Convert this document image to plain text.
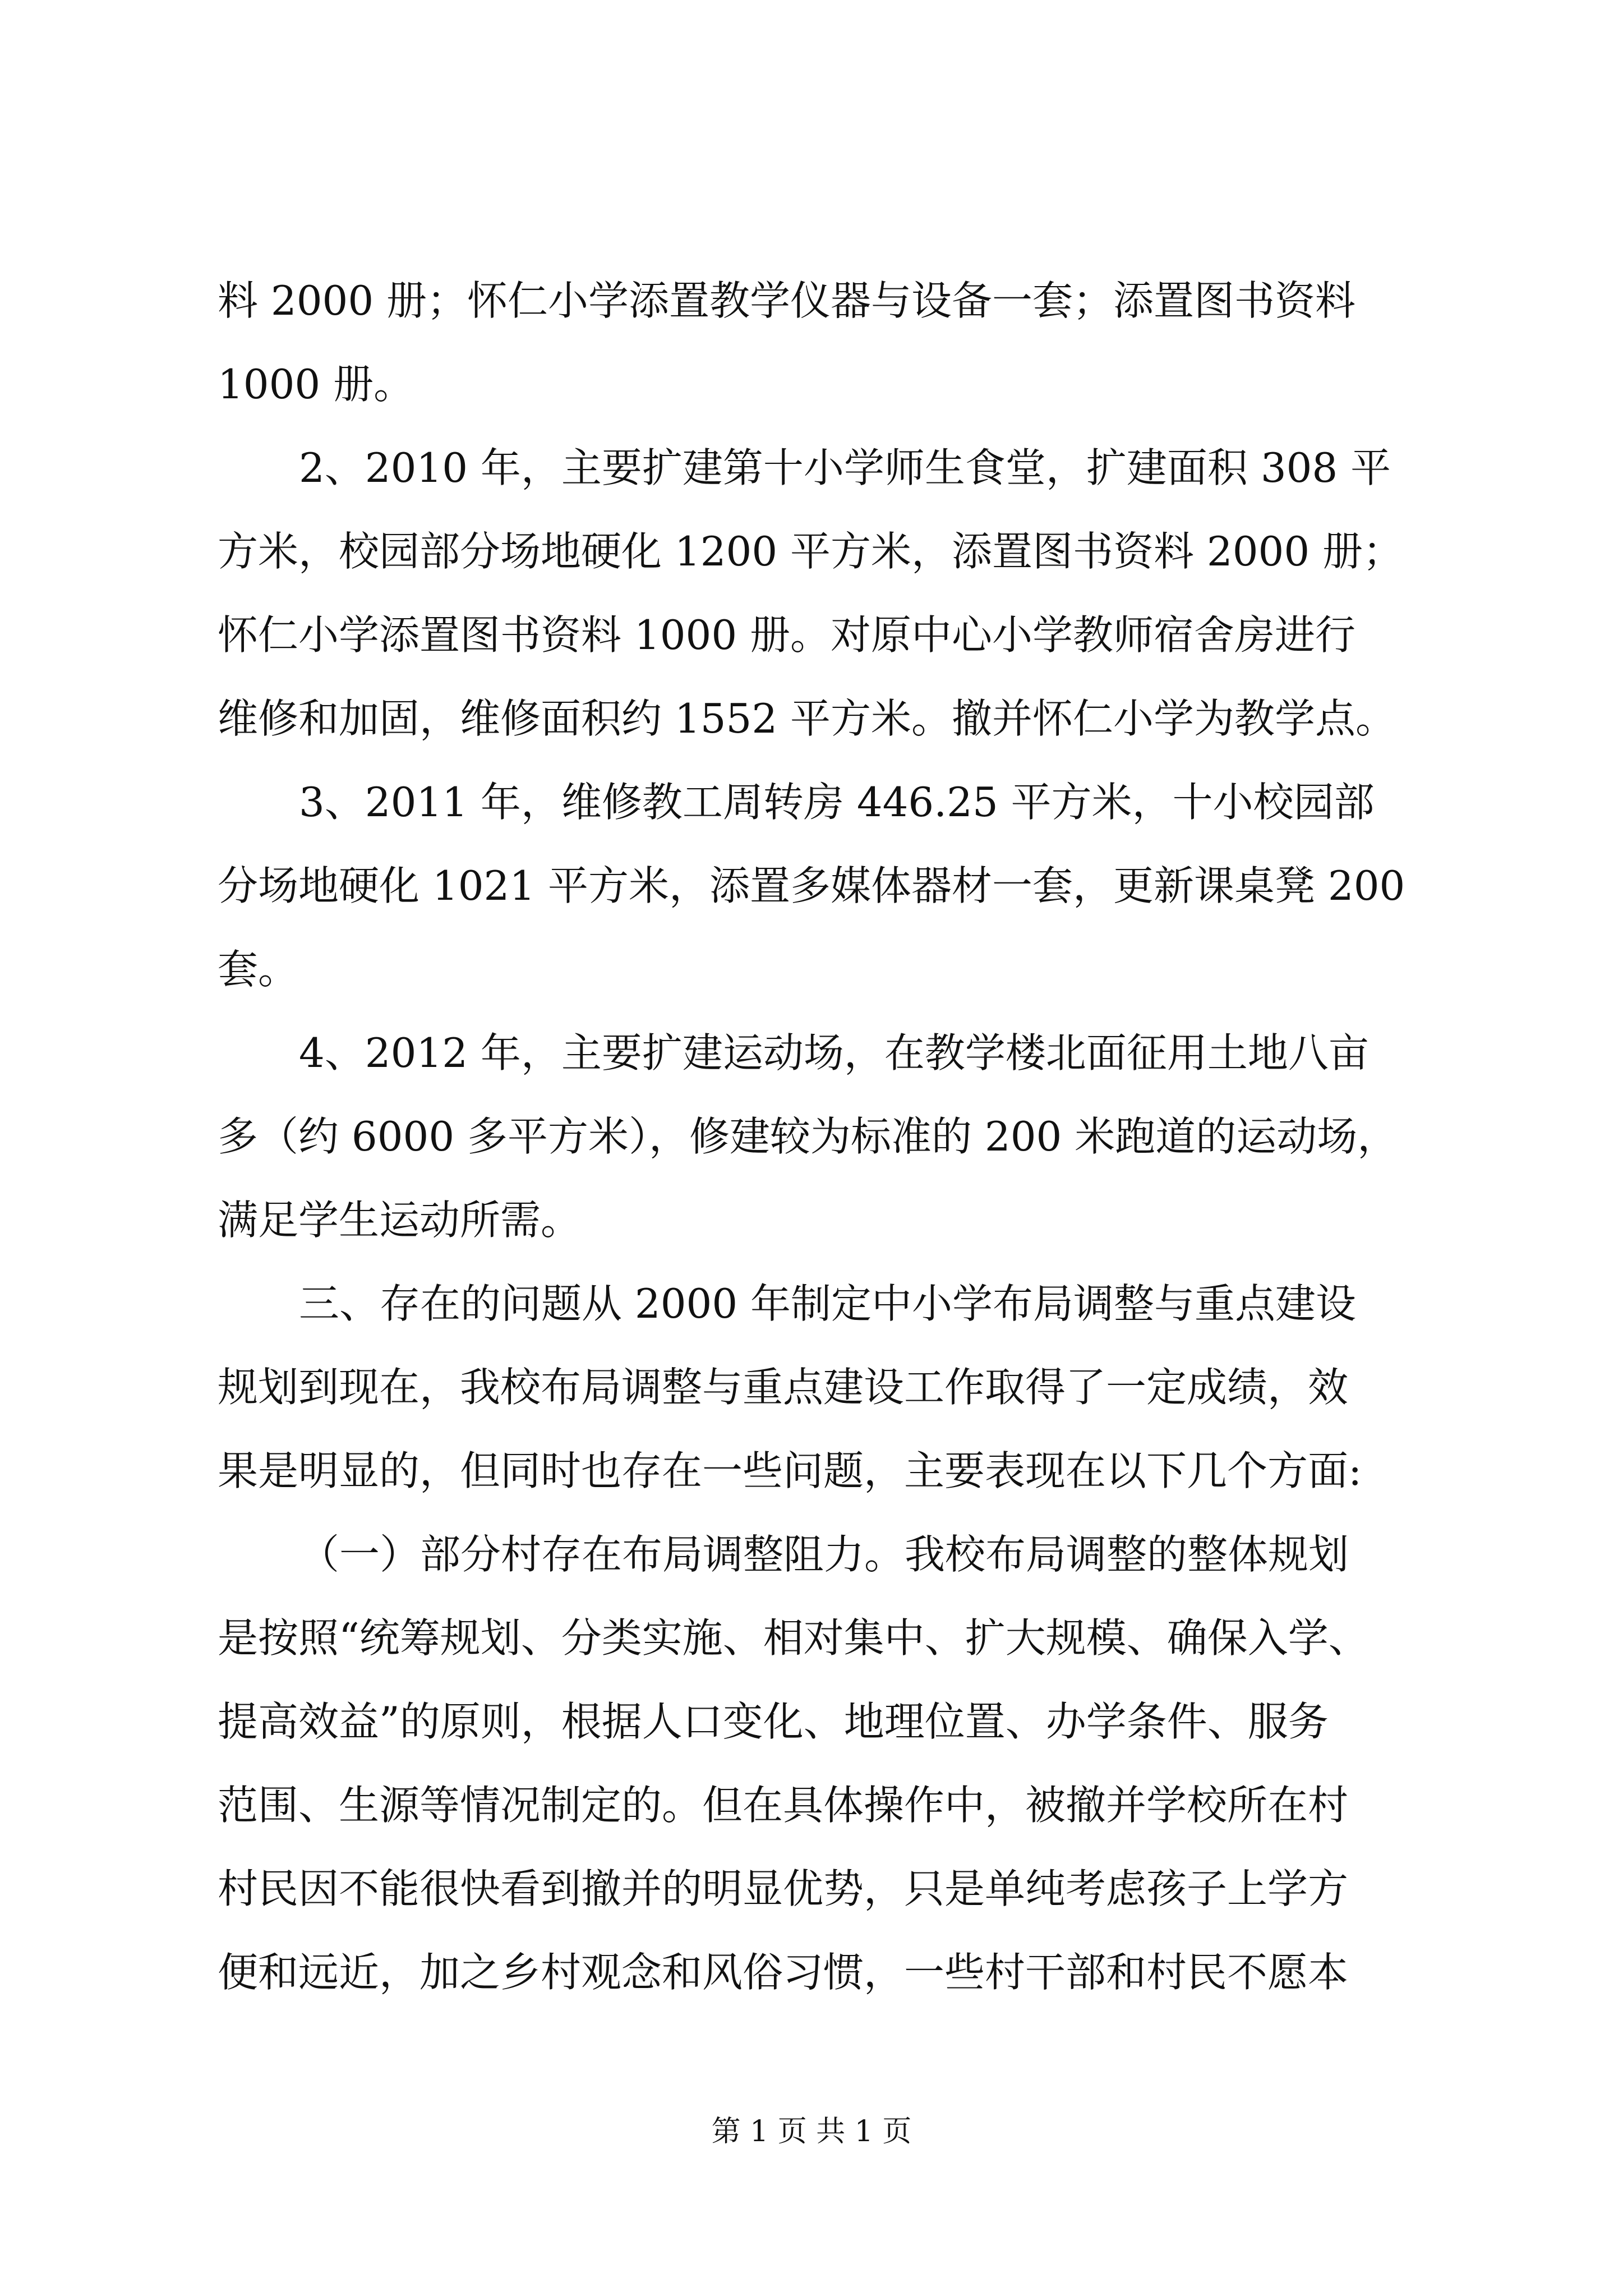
料 2000 册；怀仁小学添置教学仪器与设备一套；添置图书资料
1000 册。
2、2010 年，主要扩建第十小学师生食堂，扩建面积 308 平
方米，校园部分场地硬化 1200 平方米，添置图书资料 2000 册；
怀仁小学添置图书资料 1000 册。对原中心小学教师宿舍房进行
维修和加固，维修面积约 1552 平方米。撤并怀仁小学为教学点。
3、2011 年，维修教工周转房 446.25 平方米，十小校园部
分场地硬化 1021 平方米，添置多媒体器材一套，更新课桌凳 200
套。
4、2012 年，主要扩建运动场，在教学楼北面征用土地八亩
多（约 6000 多平方米），修建较为标准的 200 米跑道的运动场，
满足学生运动所需。
三、存在的问题从 2000 年制定中小学布局调整与重点建设
规划到现在，我校布局调整与重点建设工作取得了一定成绩，效
果是明显的，但同时也存在一些问题，主要表现在以下几个方面:
（一）部分村存在布局调整阻力。我校布局调整的整体规划
是按照“统筹规划、分类实施、相对集中、扩大规模、确保入学、
提高效益”的原则，根据人口变化、地理位置、办学条件、服务
范围、生源等情况制定的。但在具体操作中，被撤并学校所在村
村民因不能很快看到撤并的明显优势，只是单纯考虑孩子上学方
便和远近，加之乡村观念和风俗习惯，一些村干部和村民不愿本
第 1 页 共 1 页
